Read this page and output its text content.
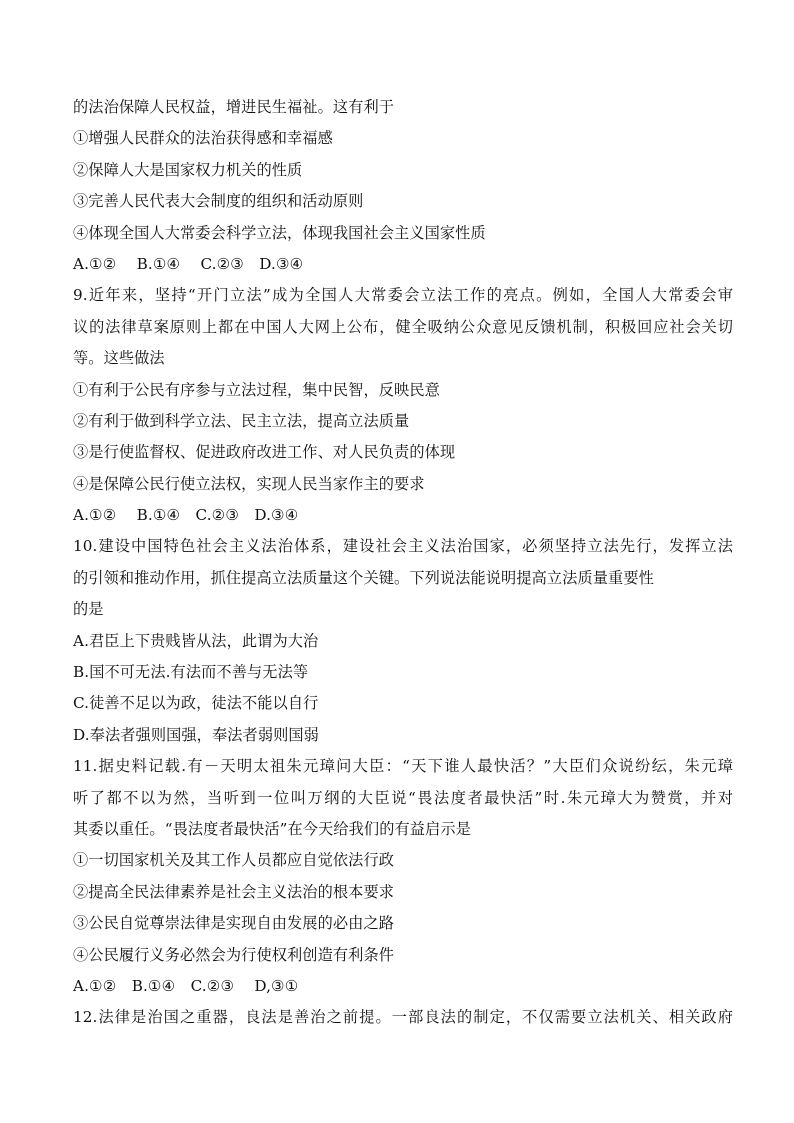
的法治保障人民权益，增进民生福祉。这有利于
①增强人民群众的法治获得感和幸福感
②保障人大是国家权力机关的性质
③完善人民代表大会制度的组织和活动原则
④体现全国人大常委会科学立法，体现我国社会主义国家性质
A.①②　 B.①④　 C.②③　D.③④
9.近年来，坚持“开门立法”成为全国人大常委会立法工作的亮点。例如，全国人大常委会审
议的法律草案原则上都在中国人大网上公布，健全吸纳公众意见反馈机制，积极回应社会关切
等。这些做法
①有利于公民有序参与立法过程，集中民智，反映民意
②有利于做到科学立法、民主立法，提高立法质量
③是行使监督权、促进政府改进工作、对人民负责的体现
④是保障公民行使立法权，实现人民当家作主的要求
A.①②　 B.①④　C.②③　D.③④
10.建设中国特色社会主义法治体系，建设社会主义法治国家，必须坚持立法先行，发挥立法
的引领和推动作用，抓住提高立法质量这个关键。下列说法能说明提高立法质量重要性
的是
A.君臣上下贵贱皆从法，此谓为大治
B.国不可无法.有法而不善与无法等
C.徒善不足以为政，徒法不能以自行
D.奉法者强则国强，奉法者弱则国弱
11.据史料记载.有－天明太祖朱元璋问大臣：“天下谁人最快活？”大臣们众说纷纭，朱元璋
听了都不以为然，当听到一位叫万纲的大臣说“畏法度者最快活”时.朱元璋大为赞赏，并对
其委以重任。“畏法度者最快活”在今天给我们的有益启示是
①一切国家机关及其工作人员都应自觉依法行政
②提高全民法律素养是社会主义法治的根本要求
③公民自觉尊崇法律是实现自由发展的必由之路
④公民履行义务必然会为行使权利创造有利条件
A.①②　B.①④　C.②③　 D,③①
12.法律是治国之重器，良法是善治之前提。一部良法的制定，不仅需要立法机关、相关政府
